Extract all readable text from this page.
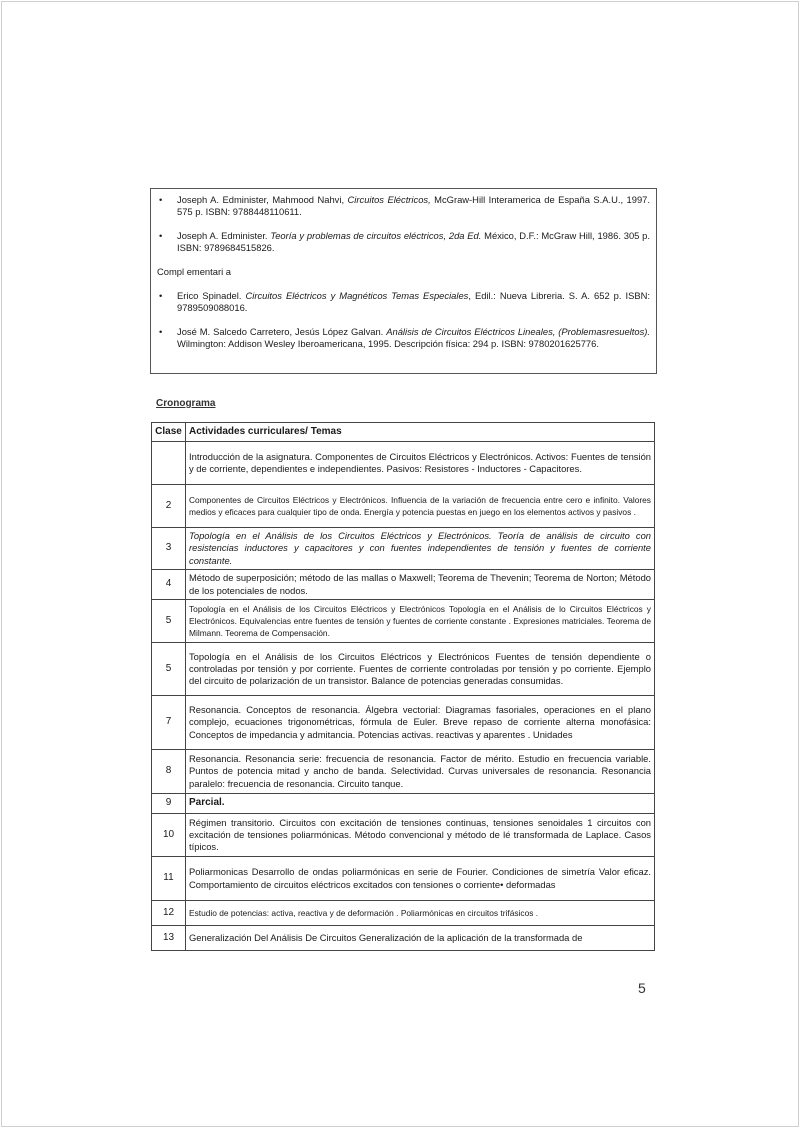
• Joseph A. Edminister, Mahmood Nahvi, Circuitos Eléctricos, McGraw-Hill Interamerica de España S.A.U., 1997. 575 p. ISBN: 9788448110611.
• Joseph A. Edminister. Teoría y problemas de circuitos eléctricos, 2da Ed. México, D.F.: McGraw Hill, 1986. 305 p. ISBN: 9789684515826.
Compl ementari a
• Erico Spinadel. Circuitos Eléctricos y Magnéticos Temas Especiales, Edil.: Nueva Libreria. S. A. 652 p. ISBN: 9789509088016.
• José M. Salcedo Carretero, Jesús López Galvan. Análisis de Circuitos Eléctricos Lineales, (Problemasresueltos). Wilmington: Addison Wesley Iberoamericana, 1995. Descripción física: 294 p. ISBN: 9780201625776.
Cronograma
Clase	Actividades curriculares/ Temas
	Introducción de la asignatura. Componentes de Circuitos Eléctricos y Electrónicos. Activos: Fuentes de tensión y de corriente, dependientes e independientes. Pasivos: Resistores - Inductores - Capacitores.
2	Componentes de Circuitos Eléctricos y Electrónicos. Influencia de la variación de frecuencia entre cero e infinito. Valores medios y eficaces para cualquier tipo de onda. Energía y potencia puestas en juego en los elementos activos y pasivos .
3	Topología en el Análisis de los Circuitos Eléctricos y Electrónicos. Teoría de análisis de circuito con resistencias inductores y capacitores y con fuentes independientes de tensión y fuentes de corriente constante.
4	Método de superposición; método de las mallas o Maxwell; Teorema de Thevenin; Teorema de Norton; Método de los potenciales de nodos.
5	Topología en el Análisis de los Circuitos Eléctricos y Electrónicos Topología en el Análisis de lo Circuitos Eléctricos y Electrónicos. Equivalencias entre fuentes de tensión y fuentes de corriente constante . Expresiones matriciales. Teorema de Milmann. Teorema de Compensación.
5	Topología en el Análisis de los Circuitos Eléctricos y Electrónicos Fuentes de tensión dependiente o controladas por tensión y por corriente. Fuentes de corriente controladas por tensión y po corriente. Ejemplo del circuito de polarización de un transistor. Balance de potencias generadas consumidas.
7	Resonancia. Conceptos de resonancia. Álgebra vectorial: Diagramas fasoriales, operaciones en el plano complejo, ecuaciones trigonométricas, fórmula de Euler. Breve repaso de corriente alterna monofásica: Conceptos de impedancia y admitancia. Potencias activas. reactivas y aparentes . Unidades
8	Resonancia. Resonancia serie: frecuencia de resonancia. Factor de mérito. Estudio en frecuencia variable. Puntos de potencia mitad y ancho de banda. Selectividad. Curvas universales de resonancia. Resonancia paralelo: frecuencia de resonancia. Circuito tanque.
9	Parcial.
10	Régimen transitorio. Circuitos con excitación de tensiones continuas, tensiones senoidales 1 circuitos con excitación de tensiones poliarmónicas. Método convencional y método de lé transformada de Laplace. Casos típicos.
11	Poliarmonicas Desarrollo de ondas poliarmónicas en serie de Fourier. Condiciones de simetría Valor eficaz. Comportamiento de circuitos eléctricos excitados con tensiones o corriente• deformadas
12	Estudio de potencias: activa, reactiva y de deformación . Poliarmónicas en circuitos trifásicos .
13	Generalización Del Análisis De Circuitos Generalización de la aplicación de la transformada de
5
